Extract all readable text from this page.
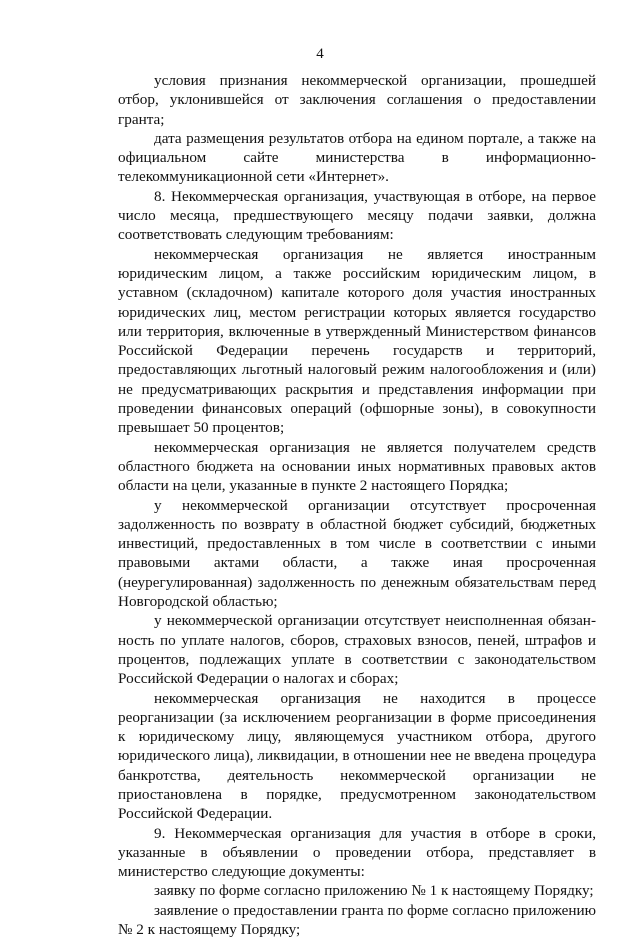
4

условия признания некоммерческой организации, прошедшей отбор, уклонившейся от заключения соглашения о предоставлении гранта;

дата размещения результатов отбора на едином портале, а также на официальном сайте министерства в информационно-телекоммуникационной сети «Интернет».

8. Некоммерческая организация, участвующая в отборе, на первое число месяца, предшествующего месяцу подачи заявки, должна соответствовать следующим требованиям:

некоммерческая организация не является иностранным юридическим лицом, а также российским юридическим лицом, в уставном (складочном) капитале которого доля участия иностранных юридических лиц, местом регистрации которых является государство или территория, включенные в утвержденный Министерством финансов Российской Федерации перечень государств и территорий, предоставляющих льготный налоговый режим налогообложения и (или) не предусматривающих раскрытия и представления информации при проведении финансовых операций (офшорные зоны), в совокупности превышает 50 процентов;

некоммерческая организация не является получателем средств областного бюджета на основании иных нормативных правовых актов области на цели, указанные в пункте 2 настоящего Порядка;

у некоммерческой организации отсутствует просроченная задолженность по возврату в областной бюджет субсидий, бюджетных инвестиций, предоставленных в том числе в соответствии с иными правовыми актами области, а также иная просроченная (неурегулированная) задолженность по денежным обязательствам перед Новгородской областью;

у некоммерческой организации отсутствует неисполненная обязанность по уплате налогов, сборов, страховых взносов, пеней, штрафов и процентов, подлежащих уплате в соответствии с законодательством Российской Федерации о налогах и сборах;

некоммерческая организация не находится в процессе реорганизации (за исключением реорганизации в форме присоединения к юридическому лицу, являющемуся участником отбора, другого юридического лица), ликвидации, в отношении нее не введена процедура банкротства, деятельность некоммерческой организации не приостановлена в порядке, предусмотренном законодательством Российской Федерации.

9. Некоммерческая организация для участия в отборе в сроки, указанные в объявлении о проведении отбора, представляет в министерство следующие документы:

заявку по форме согласно приложению № 1 к настоящему Порядку;

заявление о предоставлении гранта по форме согласно приложению № 2 к настоящему Порядку;
